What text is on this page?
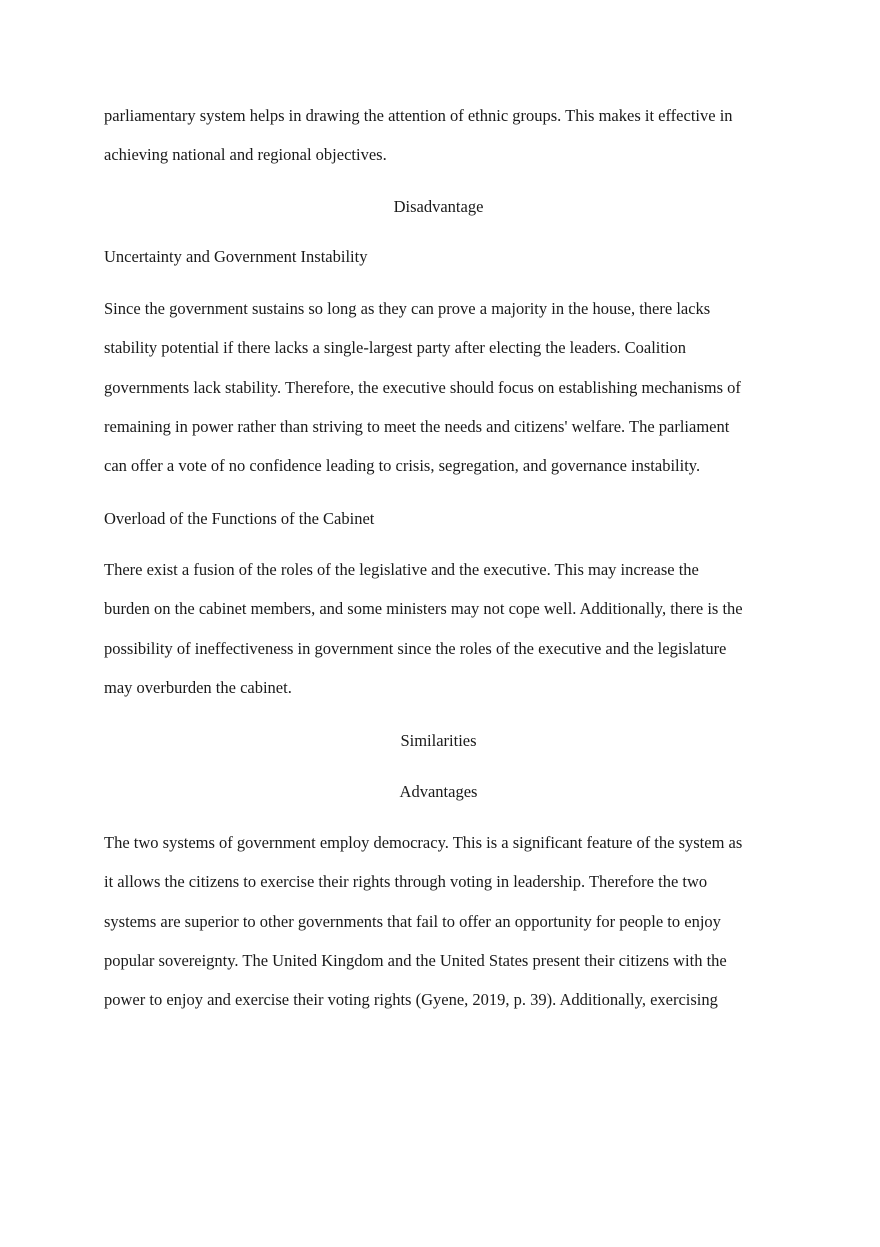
parliamentary system helps in drawing the attention of ethnic groups. This makes it effective in
achieving national and regional objectives.
Disadvantage
Uncertainty and Government Instability
Since the government sustains so long as they can prove a majority in the house, there lacks
stability potential if there lacks a single-largest party after electing the leaders. Coalition
governments lack stability. Therefore, the executive should focus on establishing mechanisms of
remaining in power rather than striving to meet the needs and citizens' welfare. The parliament
can offer a vote of no confidence leading to crisis, segregation, and governance instability.
Overload of the Functions of the Cabinet
There exist a fusion of the roles of the legislative and the executive. This may increase the
burden on the cabinet members, and some ministers may not cope well. Additionally, there is the
possibility of ineffectiveness in government since the roles of the executive and the legislature
may overburden the cabinet.
Similarities
Advantages
The two systems of government employ democracy. This is a significant feature of the system as
it allows the citizens to exercise their rights through voting in leadership. Therefore the two
systems are superior to other governments that fail to offer an opportunity for people to enjoy
popular sovereignty. The United Kingdom and the United States present their citizens with the
power to enjoy and exercise their voting rights (Gyene, 2019, p. 39). Additionally, exercising
